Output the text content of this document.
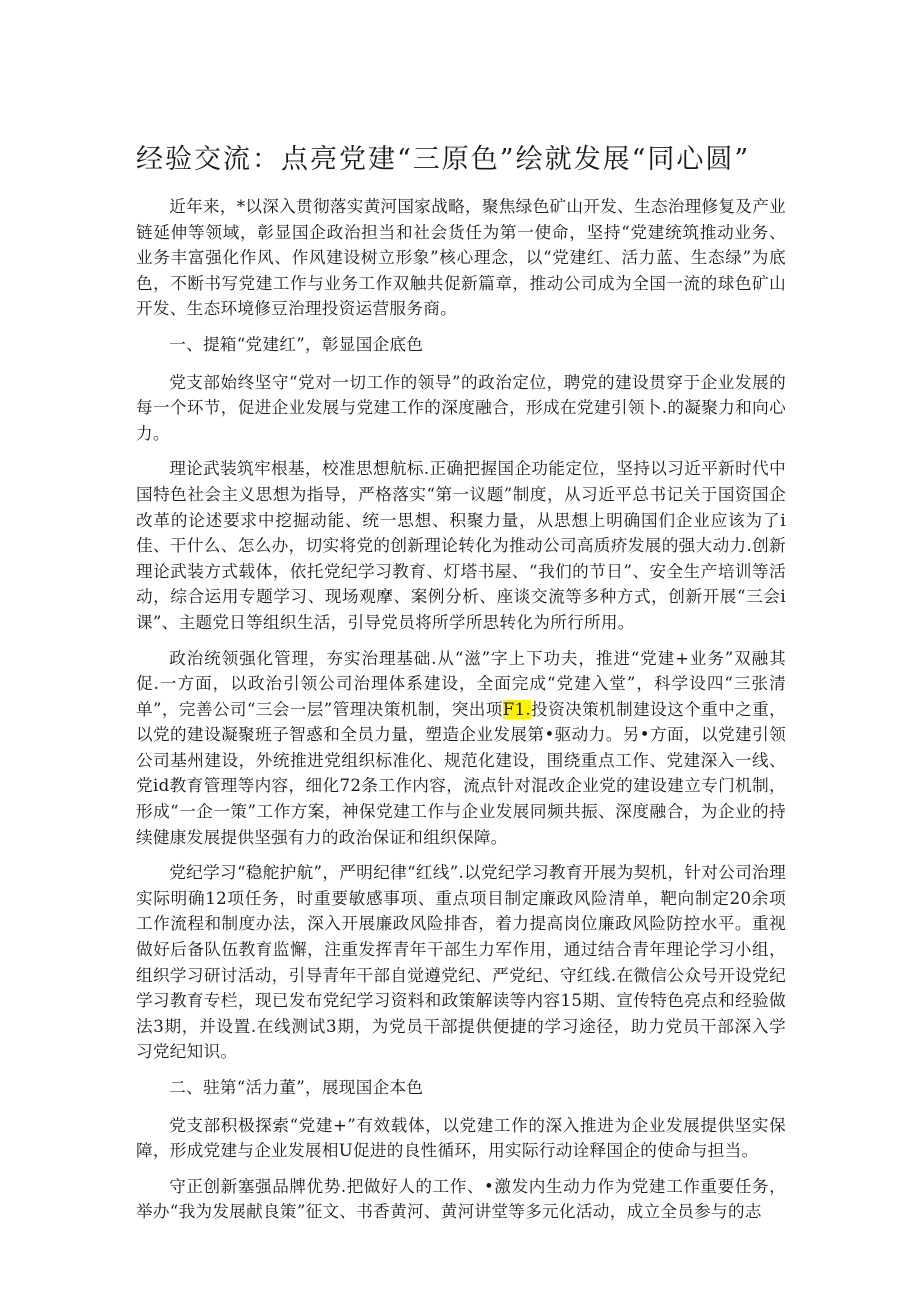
经验交流：点亮党建“三原色”绘就发展“同心圆”

近年来，*以深入贯彻落实黄河国家战略，聚焦绿色矿山开发、生态治理修复及产业链延伸等领域，彰显国企政治担当和社会货任为第一使命，坚持“党建统筑推动业务、业务丰富强化作风、作风建设树立形象”核心理念，以“党建红、活力蓝、生态绿”为底色，不断书写党建工作与业务工作双触共促新篇章，推动公司成为全国一流的球色矿山开发、生态环境修豆治理投资运营服务商。

一、提箱“党建红”，彰显国企底色

党支部始终坚守“党对一切工作的领导”的政治定位，聘党的建设贯穿于企业发展的每一个环节，促进企业发展与党建工作的深度融合，形成在党建引领卜.的凝聚力和向心力。

理论武装筑牢根基，校准思想航标.正确把握国企功能定位，坚持以习近平新时代中国特色社会主义思想为指导，严格落实“第一议题”制度，从习近平总书记关于国资国企改革的论述要求中挖掘动能、统一思想、积聚力量，从思想上明确国们企业应该为了i佳、干什么、怎么办，切实将党的创新理论转化为推动公司高质疥发展的强大动力.创新理论武装方式载体，依托党纪学习教育、灯塔书屋、“我们的节日”、安全生产培训等活动，综合运用专题学习、现场观摩、案例分析、座谈交流等多种方式，创新开展“三会i课”、主题党日等组织生活，引导党员将所学所思转化为所行所用。

政治统领强化管理，夯实治理基础.从“滋”字上下功夫，推进“党建+业务”双融其促.一方面，以政治引领公司治理体系建设，全面完成“党建入堂”，科学设四“三张清单”，完善公司“三会一层”管理决策机制，突出项F1.投资决策机制建设这个重中之重，以党的建设凝聚班子智惑和全员力量，塑造企业发展第•驱动力。另•方面，以党建引领公司基州建设，外统推进党组织标准化、规范化建设，围绕重点工作、党建深入一线、党id教育管理等内容，细化72条工作内容，流点针对混改企业党的建设建立专门机制，形成“一企一策”工作方案，神保党建工作与企业发展同频共振、深度融合，为企业的持续健康发展提供坚强有力的政治保证和组织保障。

党纪学习“稳舵护航”，严明纪律“红线”.以党纪学习教育开展为契机，针对公司治理实际明确12项任务，时重要敏感事项、重点项目制定廉政风险清单，靶向制定20余项工作流程和制度办法，深入开展廉政风险排杳，着力提高岗位廉政风险防控水平。重视做好后备队伍教育监懈，注重发挥青年干部生力军作用，通过结合青年理论学习小组，组织学习研讨活动，引导青年干部自觉遵党纪、严党纪、守红线.在微信公众号开设党纪学习教育专栏，现已发布党纪学习资料和政策解读等内容15期、宣传特色亮点和经验做法3期，并设置.在线测试3期，为党员干部提供便捷的学习途径，助力党员干部深入学习党纪知识。

二、驻第“活力董”，展现国企本色

党支部积极探索“党建+”有效载体，以党建工作的深入推进为企业发展提供坚实保障，形成党建与企业发展相U促进的良性循环，用实际行动诠释国企的使命与担当。

守正创新塞强品牌优势.把做好人的工作、•激发内生动力作为党建工作重要任务，举办“我为发展献良策”征文、书香黄河、黄河讲堂等多元化活动，成立全员参与的志
